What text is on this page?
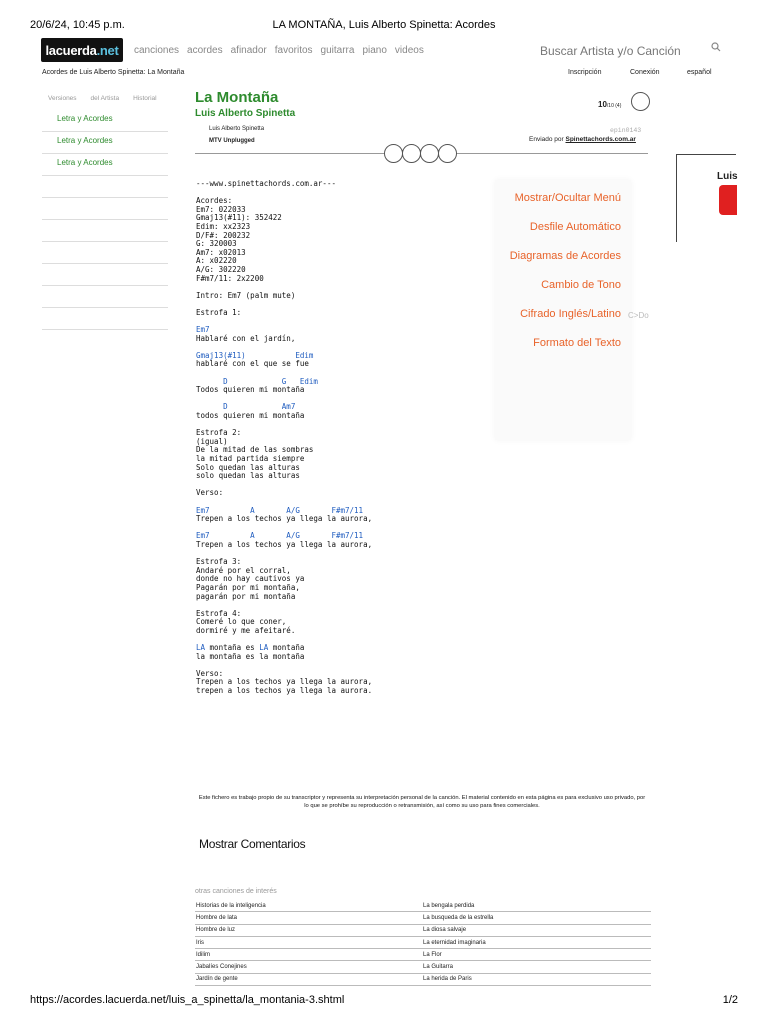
20/6/24, 10:45 p.m.	LA MONTAÑA, Luis Alberto Spinetta: Acordes
lacuerda .net canciones acordes afinador favoritos guitarra piano videos	Buscar Artista y/o Canción
Acordes de Luis Alberto Spinetta: La Montaña	Inscripción	Conexión	español
Versiones del Artista Historial
Letra y Acordes
Letra y Acordes
Letra y Acordes
La Montaña
Luis Alberto Spinetta
Luis Alberto Spinetta
MTV Unplugged
10/10 (4)
epin0143
Enviado por Spinettachords.com.ar
Luis
---www.spinettachords.com.ar---

Acordes:
Em7: 022033
Gmaj13(#11): 352422
Edim: xx2323
D/F#: 200232
G: 320003
Am7: x02013
A: x02220
A/G: 302220
F#m7/11: 2x2200

Intro: Em7 (palm mute)

Estrofa 1:

Em7
Hablaré con el jardín,

Gmaj13(#11)           Edim
hablaré con el que se fue

D            G   Edim
Todos quieren mi montaña

D            Am7
todos quieren mi montaña

Estrofa 2:
(igual)
De la mitad de las sombras
la mitad partida siempre
Solo quedan las alturas
solo quedan las alturas

Verso:

Em7         A       A/G       F#m7/11
Trepen a los techos ya llega la aurora,

Em7         A       A/G       F#m7/11
Trepen a los techos ya llega la aurora,

Estrofa 3:
Andaré por el corral,
donde no hay cautivos ya
Pagarán por mi montaña,
pagarán por mi montaña

Estrofa 4:
Comeré lo que coner,
dormiré y me afeitaré.

LA montaña es LA montaña
la montaña es la montaña

Verso:
Trepen a los techos ya llega la aurora,
trepen a los techos ya llega la aurora.
Mostrar/Ocultar Menú
Desfile Automático
Diagramas de Acordes
Cambio de Tono
Cifrado Inglés/Latino C>Do
Formato del Texto
Este fichero es trabajo propio de su transcriptor y representa su interpretación personal de la canción. El material contenido en esta página es para exclusivo uso privado, por lo que se prohíbe su reproducción o retransmisión, así como su uso para fines comerciales.
Mostrar Comentarios
otras canciones de interés
Historias de la inteligencia	La bengala perdida
Hombre de lata	La busqueda de la estrella
Hombre de luz	La diosa salvaje
Iris	La eternidad imaginaria
Idilim	La Flor
Jabalíes Conejines	La Guitarra
Jardín de gente	La herida de Paris
https://acordes.lacuerda.net/luis_a_spinetta/la_montania-3.shtml	1/2
